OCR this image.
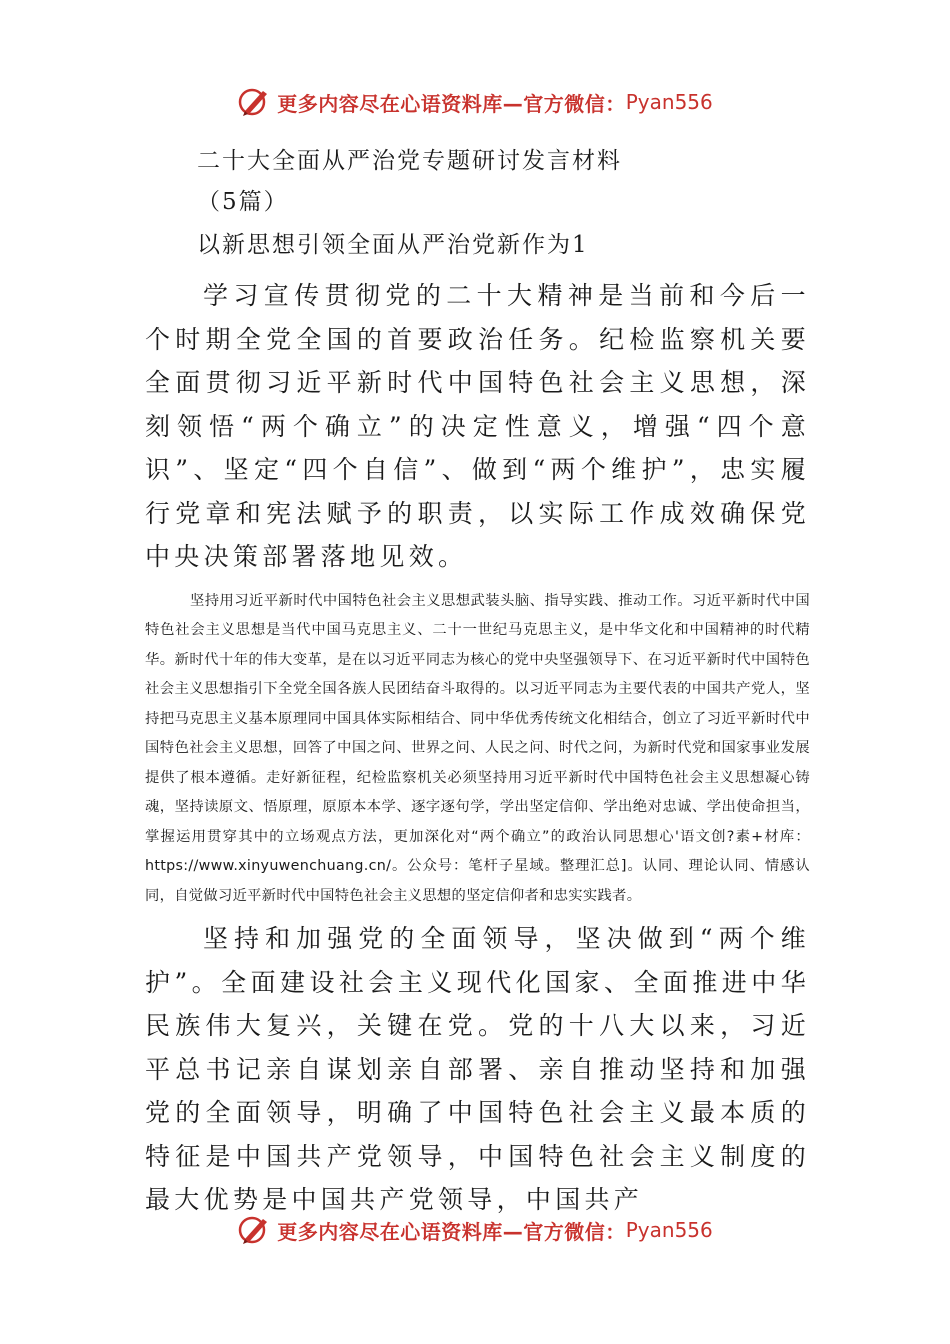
更多内容尽在心语资料库—官方微信： Pyan556

二十大全面从严治党专题研讨发言材料

（5篇）

以新思想引领全面从严治党新作为1

学习宣传贯彻党的二十大精神是当前和今后一个时期全党全国的首要政治任务。纪检监察机关要全面贯彻习近平新时代中国特色社会主义思想，深刻领悟“两个确立”的决定性意义，增强“四个意识”、坚定“四个自信”、做到“两个维护”，忠实履行党章和宪法赋予的职责，以实际工作成效确保党中央决策部署落地见效。

坚持用习近平新时代中国特色社会主义思想武装头脑、指导实践、推动工作。习近平新时代中国特色社会主义思想是当代中国马克思主义、二十一世纪马克思主义，是中华文化和中国精神的时代精华。新时代十年的伟大变革，是在以习近平同志为核心的党中央坚强领导下、在习近平新时代中国特色社会主义思想指引下全党全国各族人民团结奋斗取得的。以习近平同志为主要代表的中国共产党人，坚持把马克思主义基本原理同中国具体实际相结合、同中华优秀传统文化相结合，创立了习近平新时代中国特色社会主义思想，回答了中国之问、世界之问、人民之问、时代之问，为新时代党和国家事业发展提供了根本遵循。走好新征程，纪检监察机关必须坚持用习近平新时代中国特色社会主义思想凝心铸魂，坚持读原文、悟原理，原原本本学、逐字逐句学，学出坚定信仰、学出绝对忠诚、学出使命担当，掌握运用贯穿其中的立场观点方法，更加深化对“两个确立”的政治认同思想心'语文创?素+材库：https://www.xinyuwenchuang.cn/。公众号：笔杆子星域。整理汇总]。认同、理论认同、情感认同，自觉做习近平新时代中国特色社会主义思想的坚定信仰者和忠实实践者。

坚持和加强党的全面领导，坚决做到“两个维护”。全面建设社会主义现代化国家、全面推进中华民族伟大复兴，关键在党。党的十八大以来，习近平总书记亲自谋划亲自部署、亲自推动坚持和加强党的全面领导，明确了中国特色社会主义最本质的特征是中国共产党领导，中国特色社会主义制度的最大优势是中国共产党领导，中国共产

更多内容尽在心语资料库—官方微信： Pyan556
